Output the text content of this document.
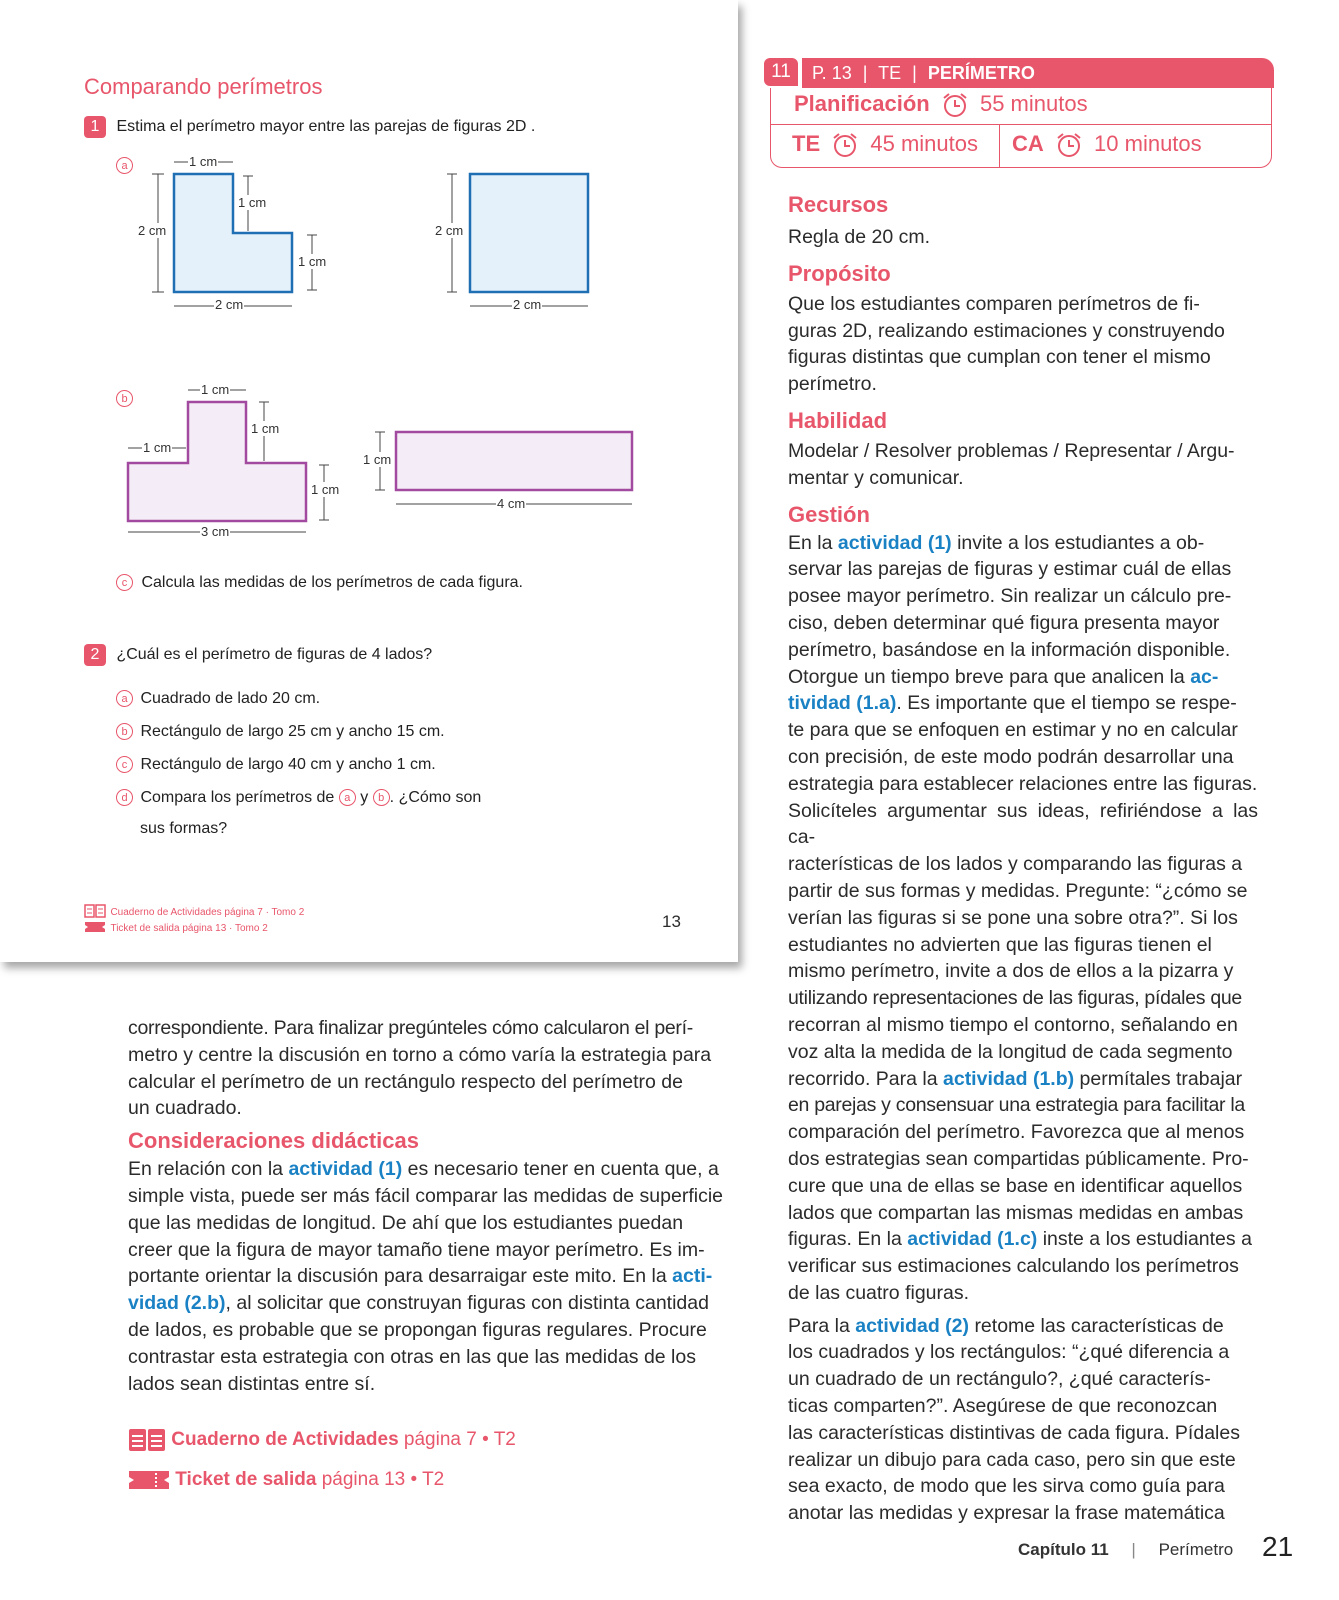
Comparando perímetros
1 Estima el perímetro mayor entre las parejas de figuras 2D .
a
b
1 cm
1 cm
2 cm
1 cm
2 cm
2 cm
2 cm
1 cm
1 cm
1 cm
1 cm
3 cm
1 cm
4 cm
c Calcula las medidas de los perímetros de cada figura.
2 ¿Cuál es el perímetro de figuras de 4 lados?
a Cuadrado de lado 20 cm.
b Rectángulo de largo 25 cm y ancho 15 cm.
c Rectángulo de largo 40 cm y ancho 1 cm.
d Compara los perímetros de a y b . ¿Cómo son
sus formas?
Cuaderno de Actividades página 7 · Tomo 2
Ticket de salida página 13 · Tomo 2	13
11	P. 13 | TE | PERÍMETRO
Planificación 55 minutos
TE 45 minutos CA 10 minutos
Recursos
Regla de 20 cm.
Propósito
Que los estudiantes comparen perímetros de fi-
guras 2D, realizando estimaciones y construyendo
figuras distintas que cumplan con tener el mismo
perímetro.
Habilidad
Modelar / Resolver problemas / Representar / Argu-
mentar y comunicar.
Gestión
En la actividad (1) invite a los estudiantes a ob-
servar las parejas de figuras y estimar cuál de ellas
posee mayor perímetro. Sin realizar un cálculo pre-
ciso, deben determinar qué figura presenta mayor
perímetro, basándose en la información disponible.
Otorgue un tiempo breve para que analicen la ac-
tividad (1.a). Es importante que el tiempo se respe-
te para que se enfoquen en estimar y no en calcular
con precisión, de este modo podrán desarrollar una
estrategia para establecer relaciones entre las figuras.
Solicíteles argumentar sus ideas, refiriéndose a las ca-
racterísticas de los lados y comparando las figuras a
partir de sus formas y medidas. Pregunte: “¿cómo se
verían las figuras si se pone una sobre otra?”. Si los
estudiantes no advierten que las figuras tienen el
mismo perímetro, invite a dos de ellos a la pizarra y
utilizando representaciones de las figuras, pídales que
recorran al mismo tiempo el contorno, señalando en
voz alta la medida de la longitud de cada segmento
recorrido. Para la actividad (1.b) permítales trabajar
en parejas y consensuar una estrategia para facilitar la
comparación del perímetro. Favorezca que al menos
dos estrategias sean compartidas públicamente. Pro-
cure que una de ellas se base en identificar aquellos
lados que compartan las mismas medidas en ambas
figuras. En la actividad (1.c) inste a los estudiantes a
verificar sus estimaciones calculando los perímetros
de las cuatro figuras.
Para la actividad (2) retome las características de
los cuadrados y los rectángulos: “¿qué diferencia a
un cuadrado de un rectángulo?, ¿qué caracterís-
ticas comparten?”. Asegúrese de que reconozcan
las características distintivas de cada figura. Pídales
realizar un dibujo para cada caso, pero sin que este
sea exacto, de modo que les sirva como guía para
anotar las medidas y expresar la frase matemática
correspondiente. Para finalizar pregúnteles cómo calcularon el perí-
metro y centre la discusión en torno a cómo varía la estrategia para
calcular el perímetro de un rectángulo respecto del perímetro de
un cuadrado.
Consideraciones didácticas
En relación con la actividad (1) es necesario tener en cuenta que, a
simple vista, puede ser más fácil comparar las medidas de superficie
que las medidas de longitud. De ahí que los estudiantes puedan
creer que la figura de mayor tamaño tiene mayor perímetro. Es im-
portante orientar la discusión para desarraigar este mito. En la acti-
vidad (2.b), al solicitar que construyan figuras con distinta cantidad
de lados, es probable que se propongan figuras regulares. Procure
contrastar esta estrategia con otras en las que las medidas de los
lados sean distintas entre sí.
Cuaderno de Actividades página 7 • T2
Ticket de salida página 13 • T2
Capítulo 11 | Perímetro 21
